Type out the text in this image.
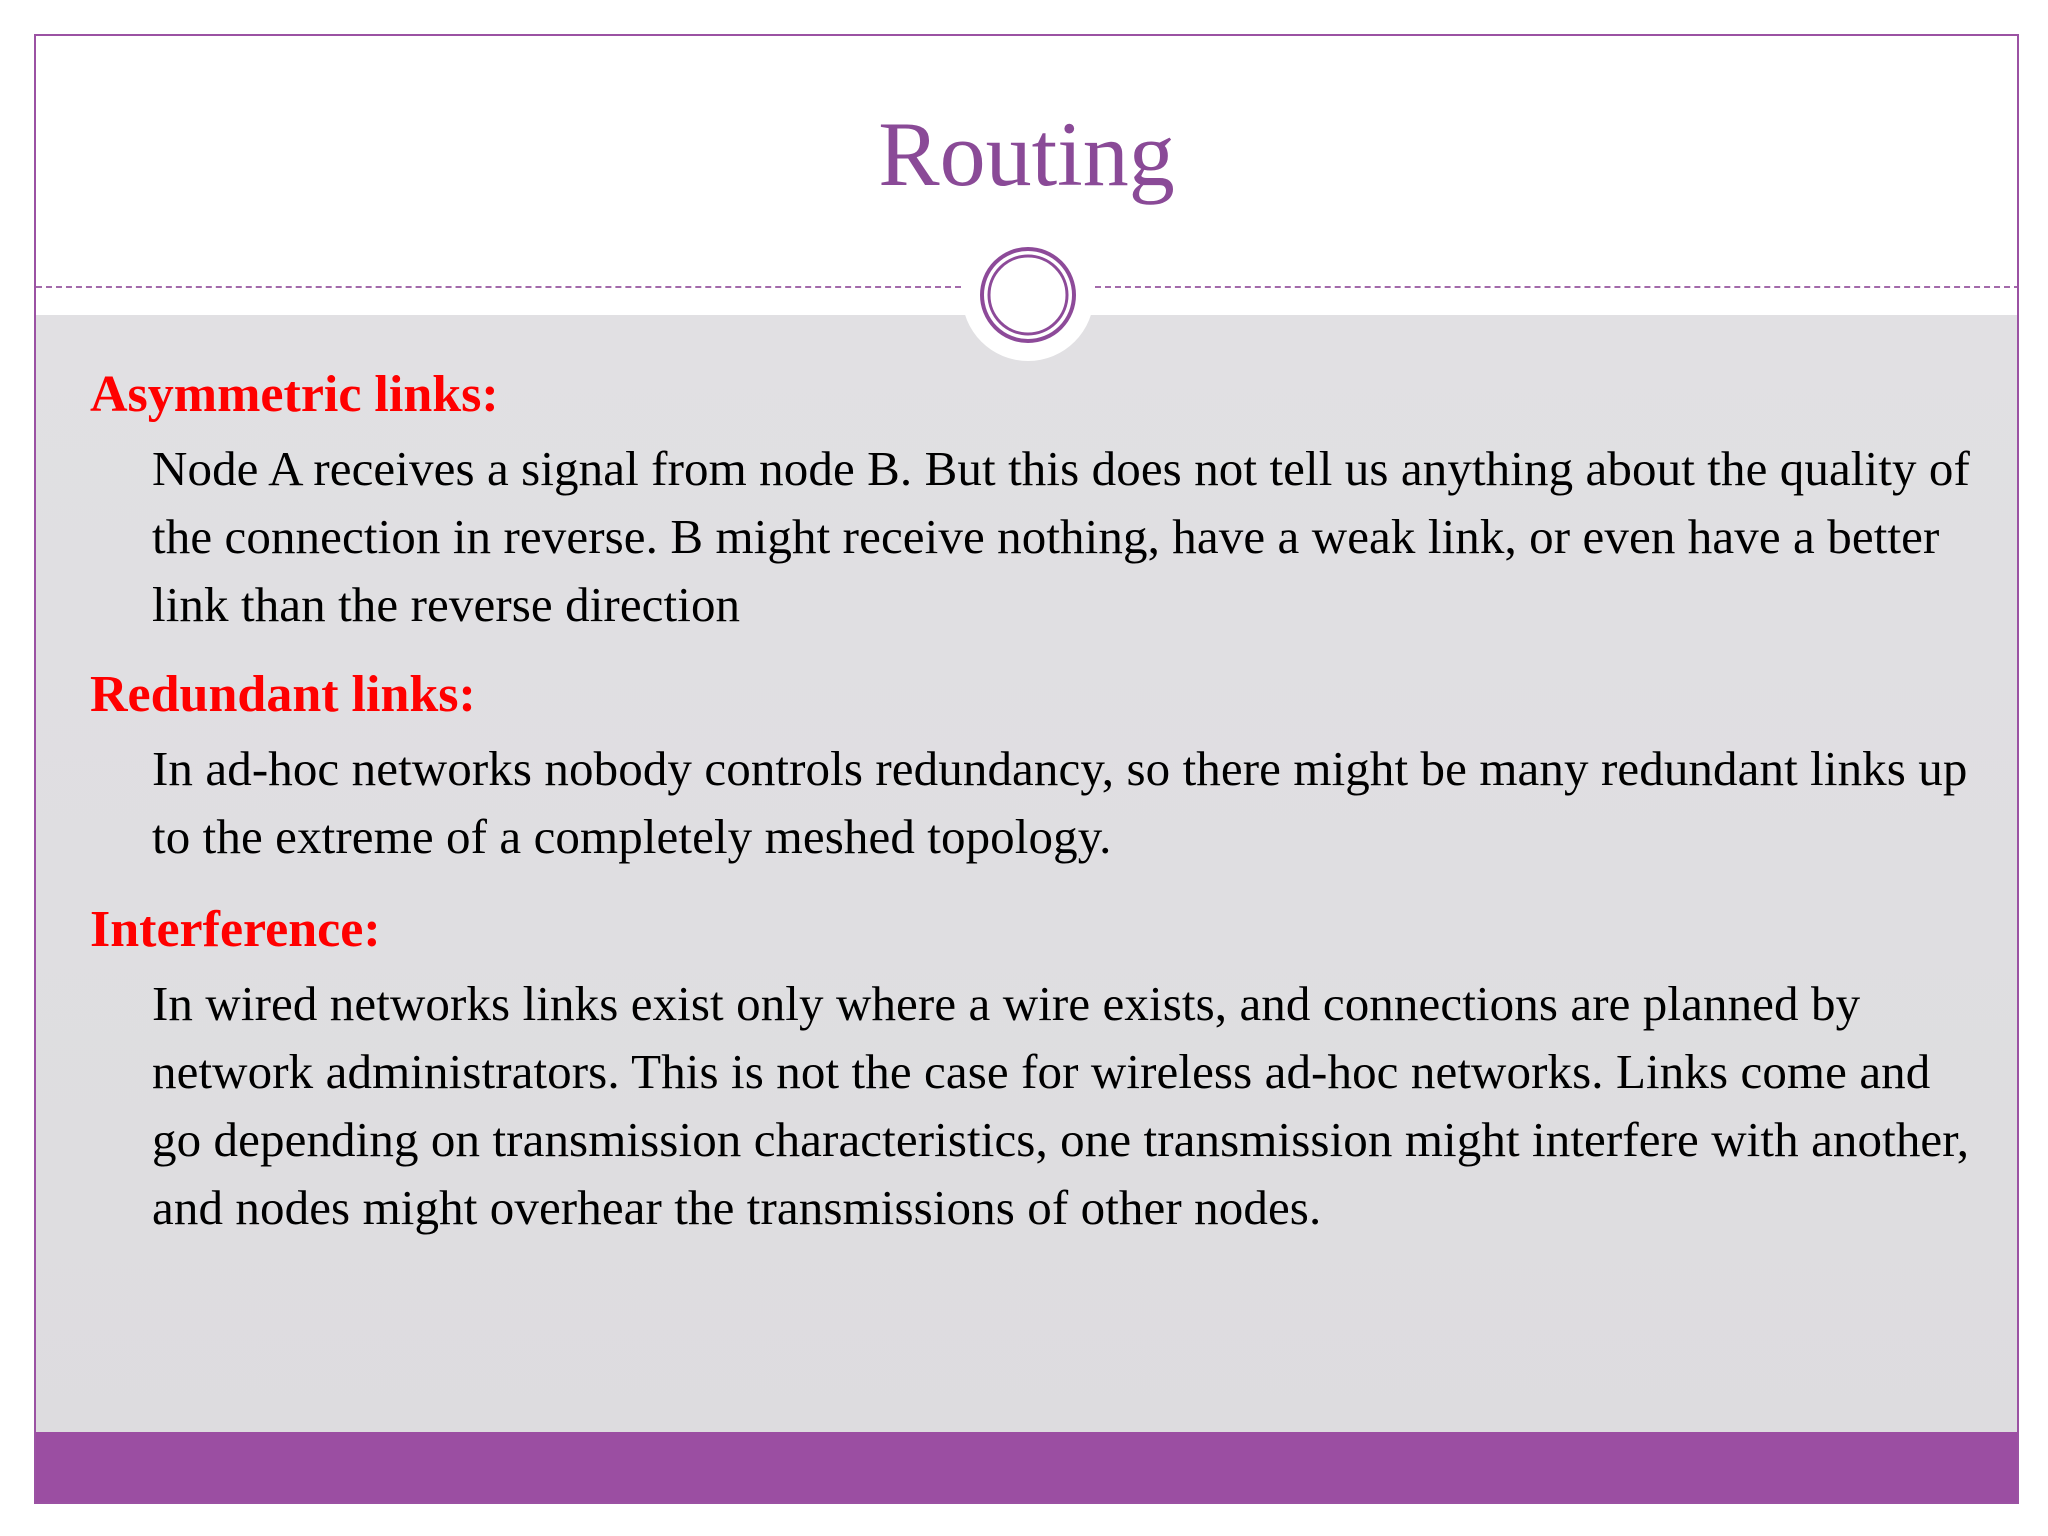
Routing
Asymmetric links:

Node A receives a signal from node B. But this does not tell us anything about the quality of the connection in reverse. B might receive nothing, have a weak link, or even have a better link than the reverse direction

Redundant links:

In ad-hoc networks nobody controls redundancy, so there might be many redundant links up to the extreme of a completely meshed topology.

Interference:

In wired networks links exist only where a wire exists, and connections are planned by network administrators. This is not the case for wireless ad-hoc networks. Links come and go depending on transmission characteristics, one transmission might interfere with another, and nodes might overhear the transmissions of other nodes.
